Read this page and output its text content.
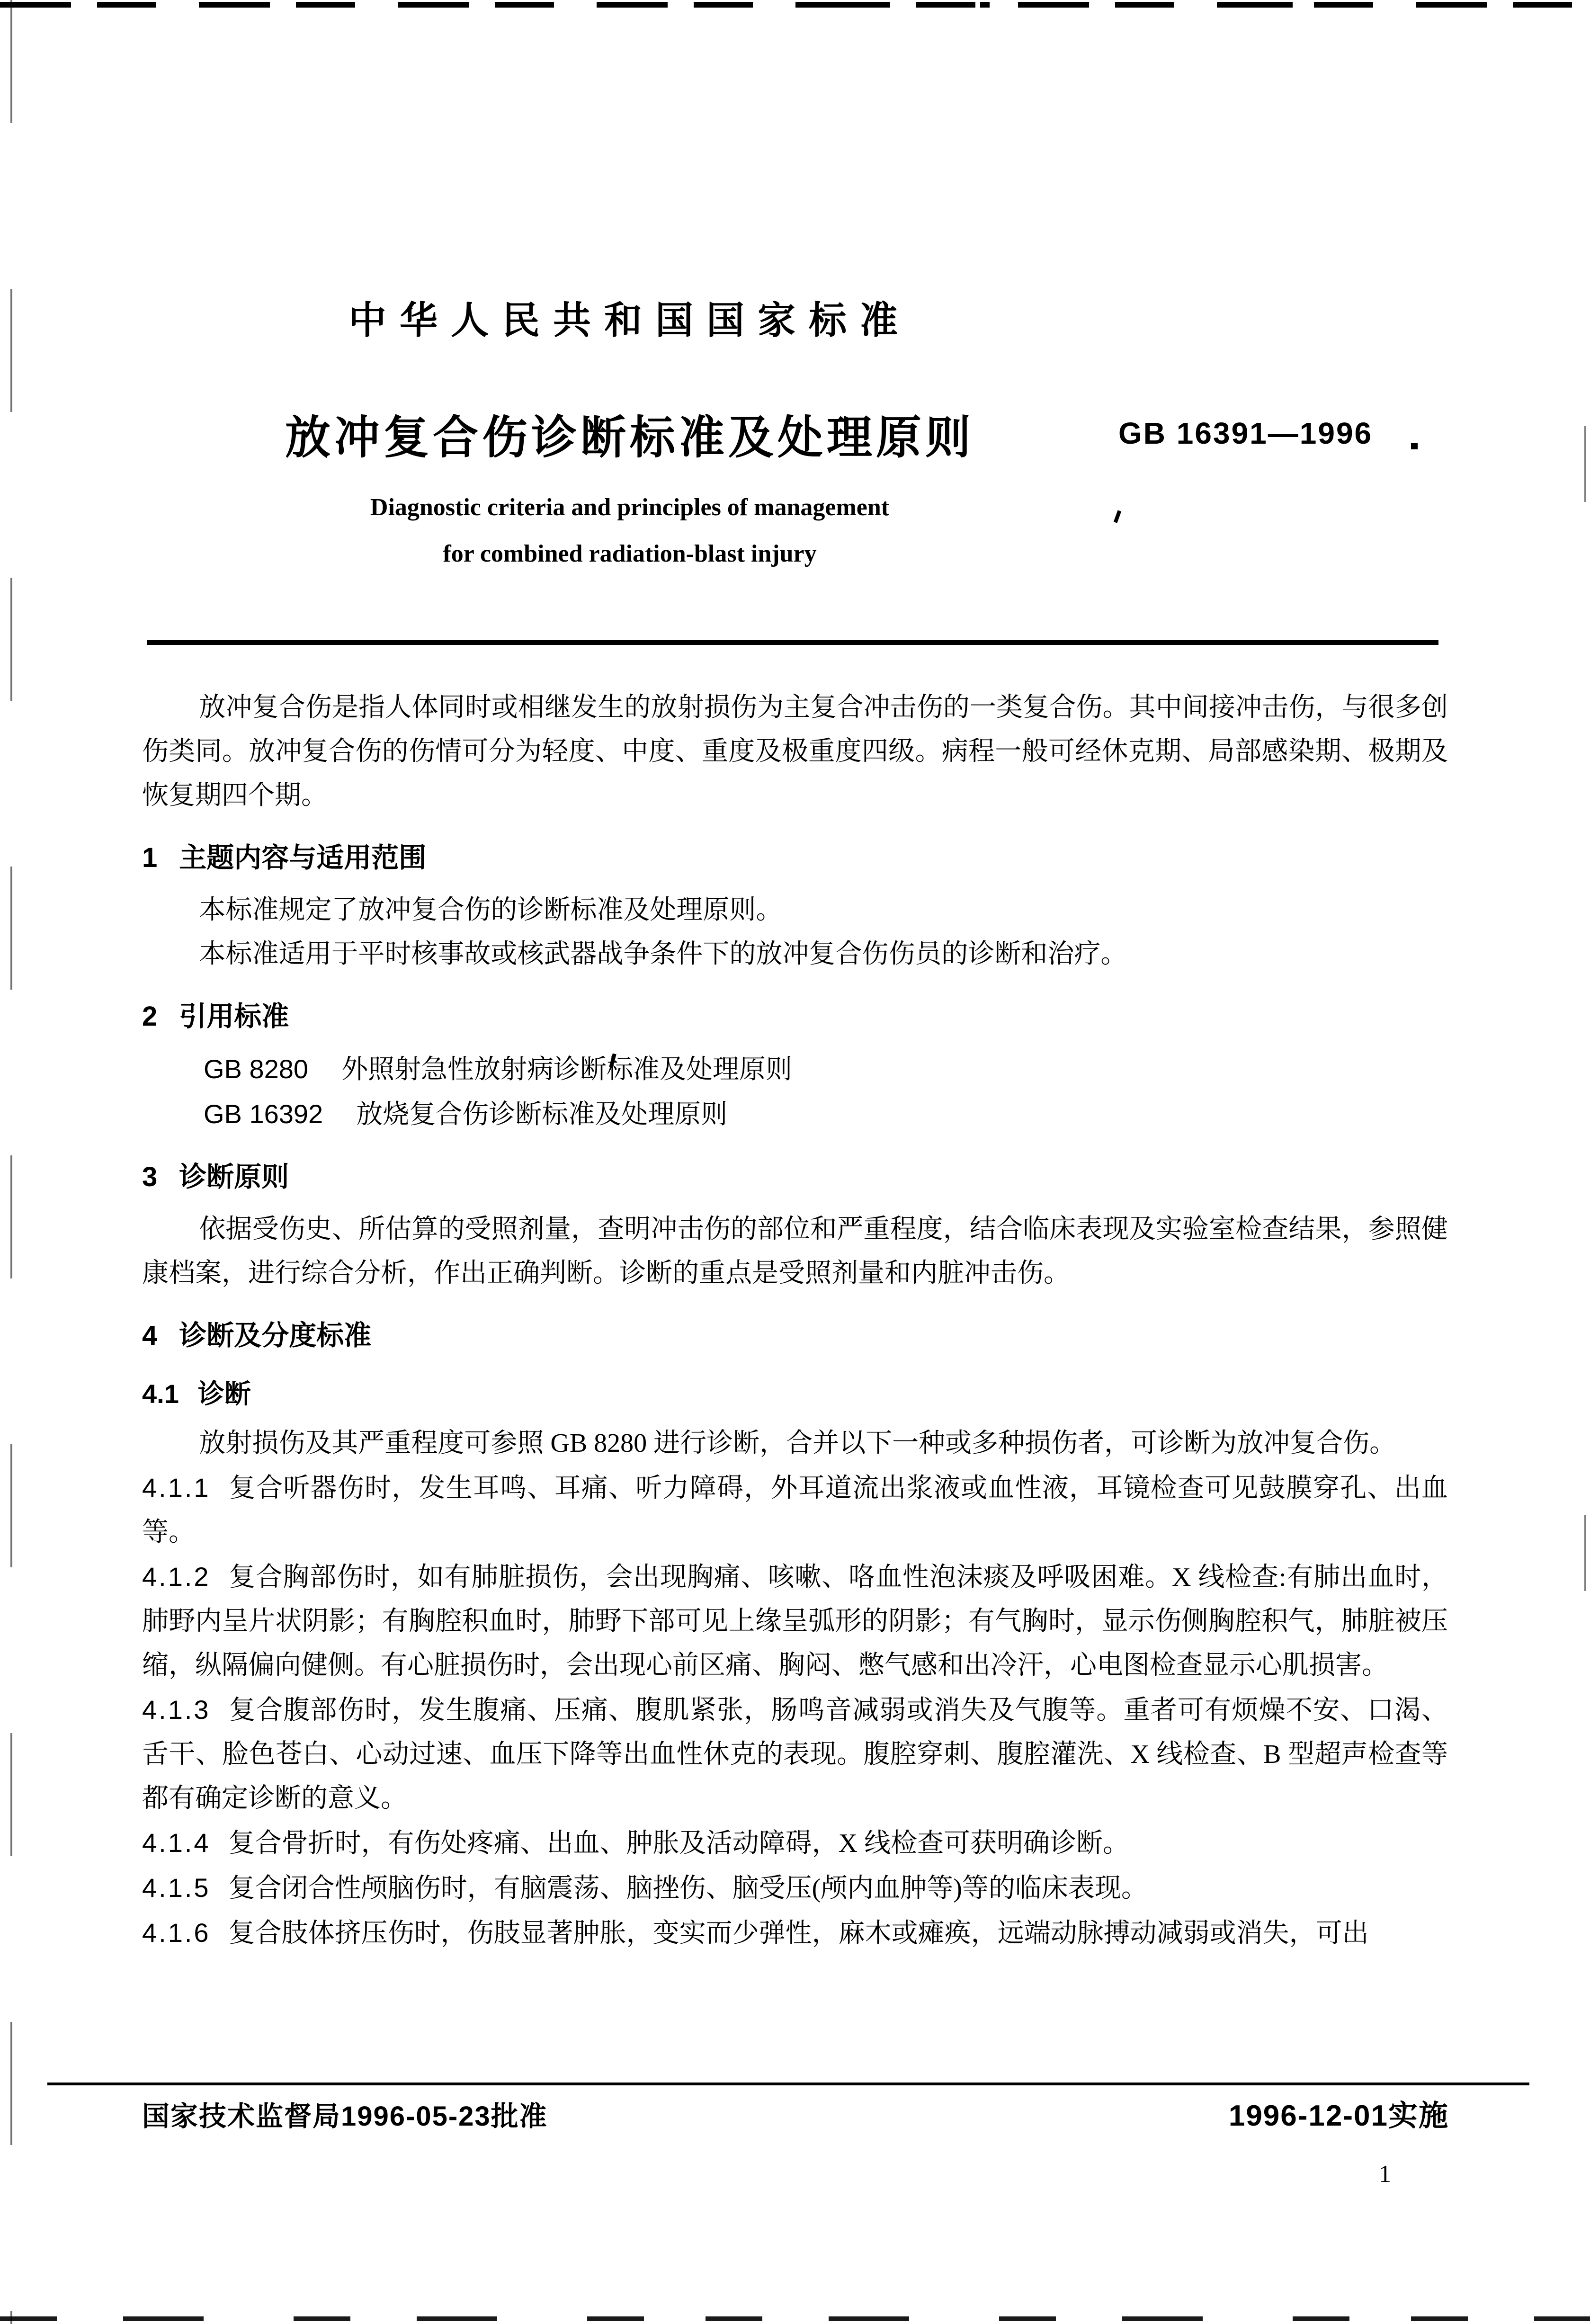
中华人民共和国国家标准
放冲复合伤诊断标准及处理原则	GB 16391—1996
Diagnostic criteria and principles of management
for combined radiation-blast injury

放冲复合伤是指人体同时或相继发生的放射损伤为主复合冲击伤的一类复合伤。其中间接冲击伤，与很多创伤类同。放冲复合伤的伤情可分为轻度、中度、重度及极重度四级。病程一般可经休克期、局部感染期、极期及恢复期四个期。

1 主题内容与适用范围

本标准规定了放冲复合伤的诊断标准及处理原则。

本标准适用于平时核事故或核武器战争条件下的放冲复合伤伤员的诊断和治疗。

2 引用标准

GB 8280 外照射急性放射病诊断标准及处理原则

GB 16392 放烧复合伤诊断标准及处理原则

3 诊断原则

依据受伤史、所估算的受照剂量，查明冲击伤的部位和严重程度，结合临床表现及实验室检查结果，参照健康档案，进行综合分析，作出正确判断。诊断的重点是受照剂量和内脏冲击伤。

4 诊断及分度标准
4.1 诊断

放射损伤及其严重程度可参照 GB 8280 进行诊断，合并以下一种或多种损伤者，可诊断为放冲复合伤。

4.1.1 复合听器伤时，发生耳鸣、耳痛、听力障碍，外耳道流出浆液或血性液，耳镜检查可见鼓膜穿孔、出血等。

4.1.2 复合胸部伤时，如有肺脏损伤，会出现胸痛、咳嗽、咯血性泡沫痰及呼吸困难。X 线检查:有肺出血时，肺野内呈片状阴影；有胸腔积血时，肺野下部可见上缘呈弧形的阴影；有气胸时，显示伤侧胸腔积气，肺脏被压缩，纵隔偏向健侧。有心脏损伤时，会出现心前区痛、胸闷、憋气感和出冷汗，心电图检查显示心肌损害。

4.1.3 复合腹部伤时，发生腹痛、压痛、腹肌紧张，肠鸣音减弱或消失及气腹等。重者可有烦燥不安、口渴、舌干、脸色苍白、心动过速、血压下降等出血性休克的表现。腹腔穿刺、腹腔灌洗、X 线检查、B 型超声检查等都有确定诊断的意义。

4.1.4 复合骨折时，有伤处疼痛、出血、肿胀及活动障碍，X 线检查可获明确诊断。

4.1.5 复合闭合性颅脑伤时，有脑震荡、脑挫伤、脑受压(颅内血肿等)等的临床表现。

4.1.6 复合肢体挤压伤时，伤肢显著肿胀，变实而少弹性，麻木或瘫痪，远端动脉搏动减弱或消失，可出

国家技术监督局1996-05-23批准	1996-12-01实施
1
